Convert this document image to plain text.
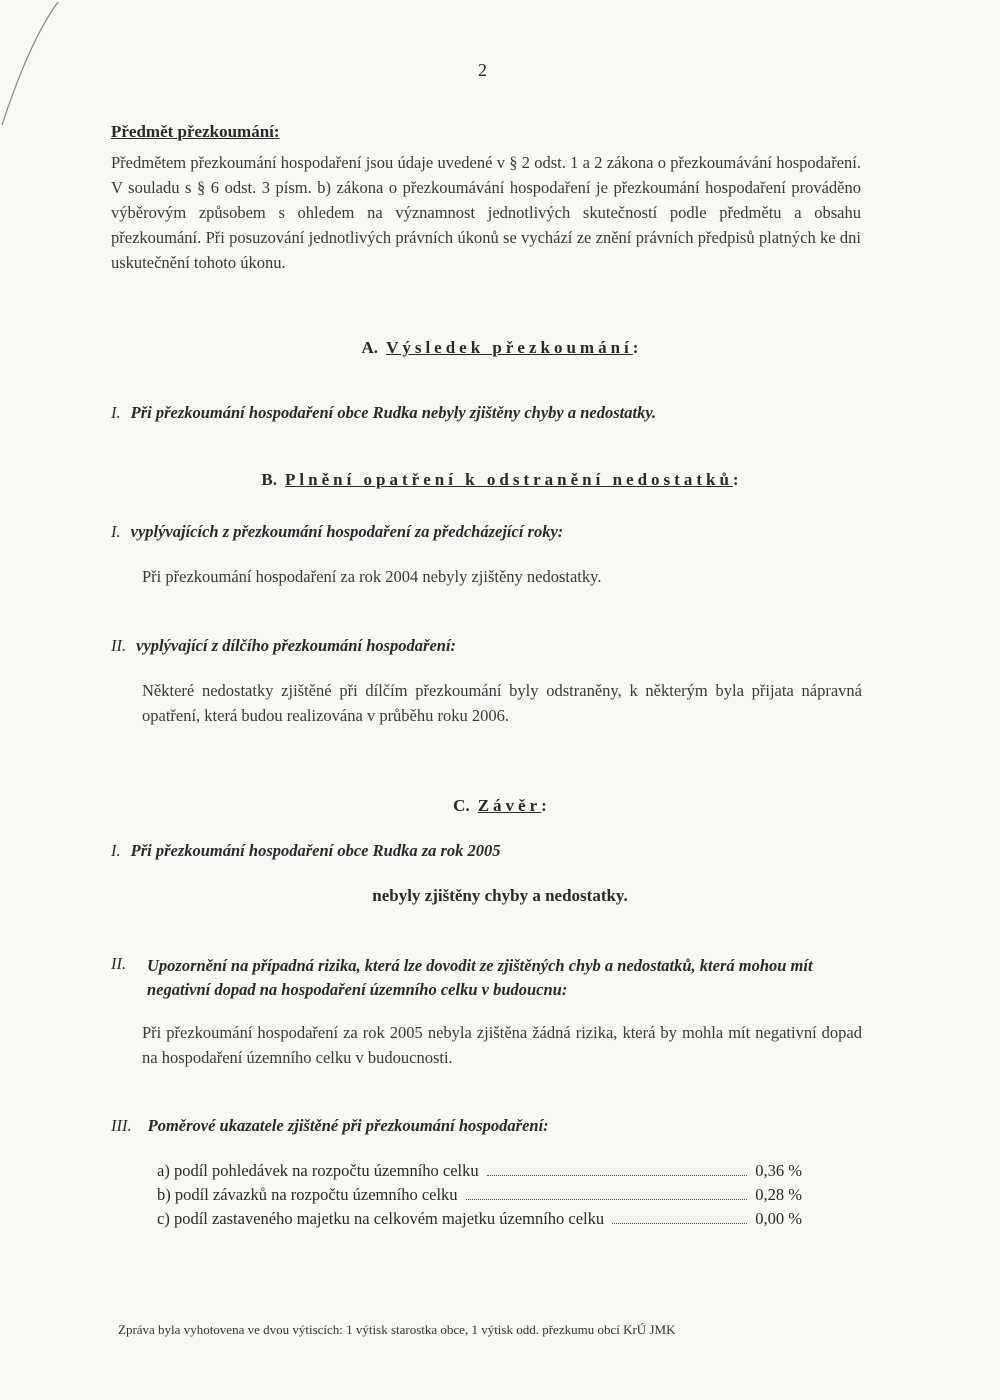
2
Předmět přezkoumání:
Předmětem přezkoumání hospodaření jsou údaje uvedené v § 2 odst. 1 a 2 zákona o přezkoumávání hospodaření. V souladu s § 6 odst. 3 písm. b) zákona o přezkoumávání hospodaření je přezkoumání hospodaření prováděno výběrovým způsobem s ohledem na významnost jednotlivých skutečností podle předmětu a obsahu přezkoumání. Při posuzování jednotlivých právních úkonů se vychází ze znění právních předpisů platných ke dni uskutečnění tohoto úkonu.
A. Výsledek přezkoumání:
I. Při přezkoumání hospodaření obce Rudka nebyly zjištěny chyby a nedostatky.
B. Plnění opatření k odstranění nedostatků:
I. vyplývajících z přezkoumání hospodaření za předcházející roky:
Při přezkoumání hospodaření za rok 2004 nebyly zjištěny nedostatky.
II. vyplývající z dílčího přezkoumání hospodaření:
Některé nedostatky zjištěné při dílčím přezkoumání byly odstraněny, k některým byla přijata nápravná opatření, která budou realizována v průběhu roku 2006.
C. Závěr:
I. Při přezkoumání hospodaření obce Rudka za rok 2005
nebyly zjištěny chyby a nedostatky.
II.	Upozornění na případná rizika, která lze dovodit ze zjištěných chyb a nedostatků, která mohou mít negativní dopad na hospodaření územního celku v budoucnu:
Při přezkoumání hospodaření za rok 2005 nebyla zjištěna žádná rizika, která by mohla mít negativní dopad na hospodaření územního celku v budoucnosti.
III. Poměrové ukazatele zjištěné při přezkoumání hospodaření:
a) podíl pohledávek na rozpočtu územního celku	0,36 %
b) podíl závazků na rozpočtu územního celku	0,28 %
c) podíl zastaveného majetku na celkovém majetku územního celku	0,00 %
Zpráva byla vyhotovena ve dvou výtiscích: 1 výtisk starostka obce, 1 výtisk odd. přezkumu obcí KrÚ JMK
